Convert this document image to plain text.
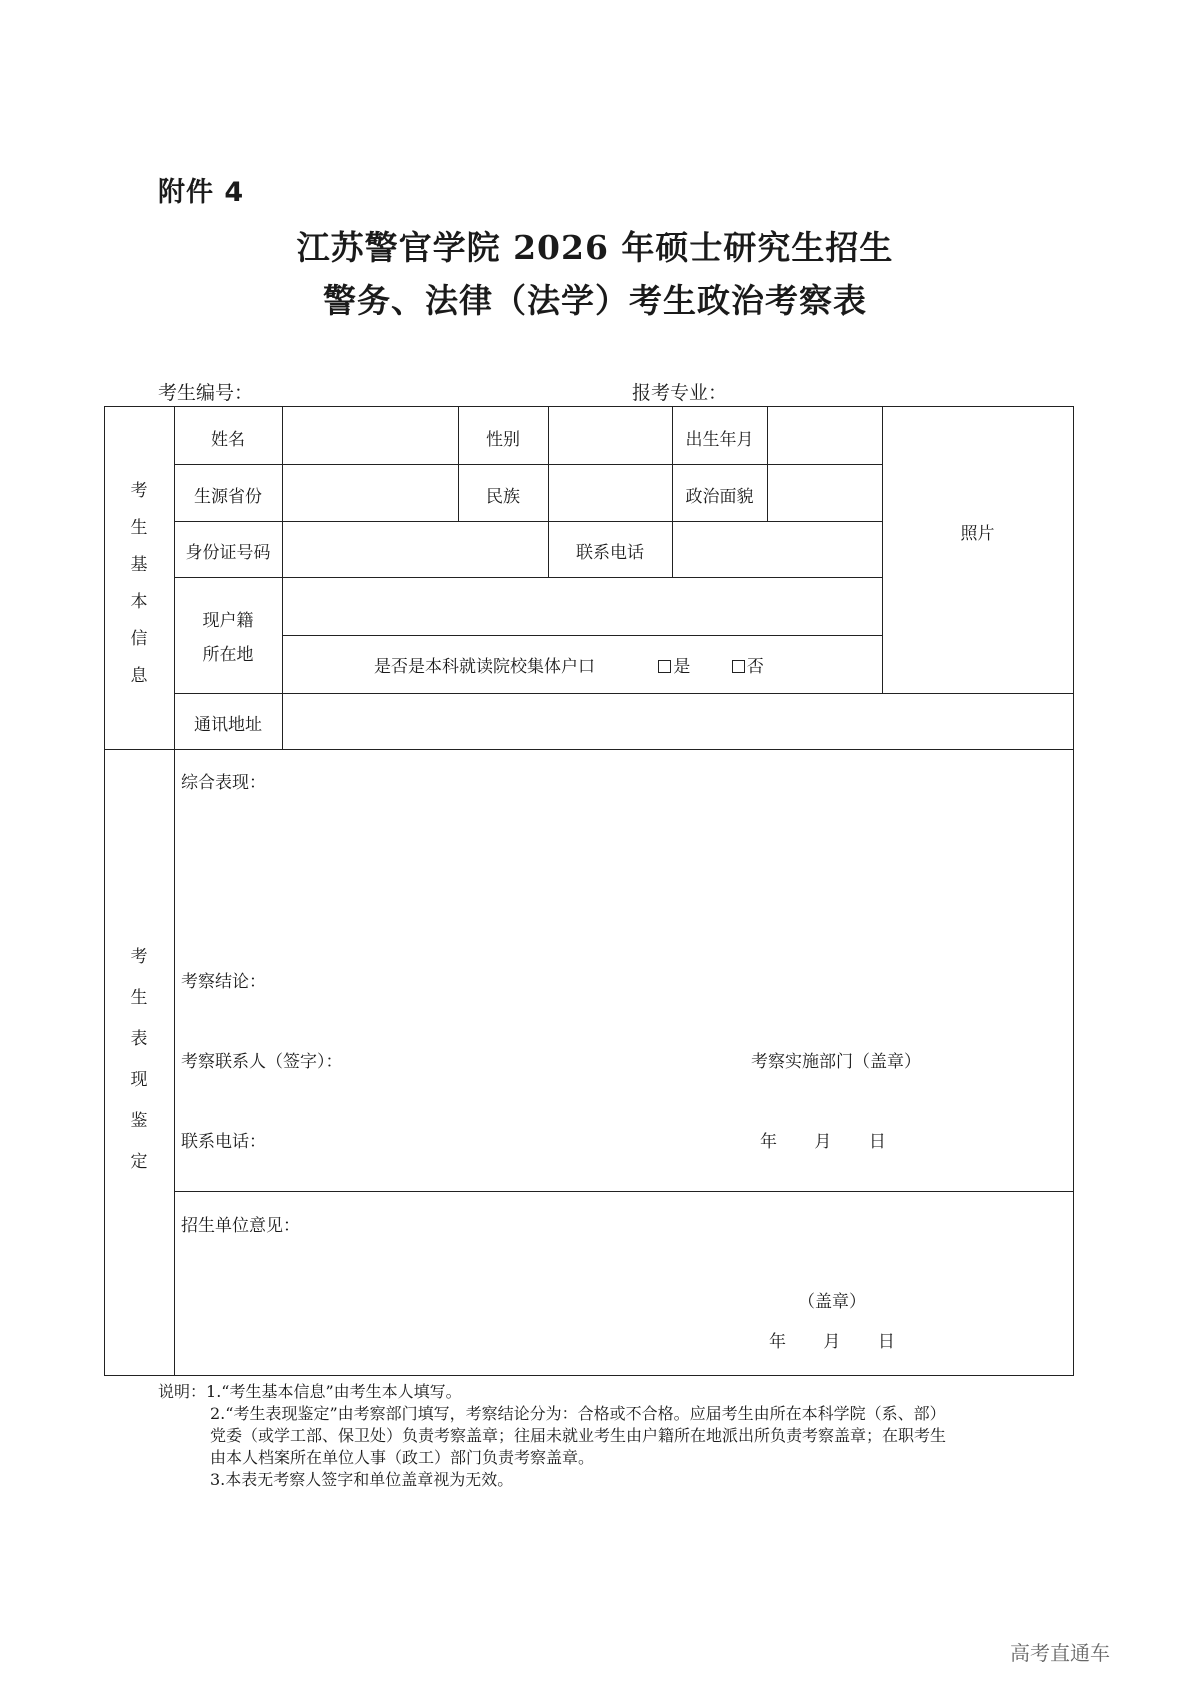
附件 4
江苏警官学院 2026 年硕士研究生招生
警务、法律（法学）考生政治考察表
考生编号：	报考专业：
考
生
基
本
信
息
姓名	性别	出生年月
生源省份	民族	政治面貌
身份证号码	联系电话
照片
现户籍
所在地
是否是本科就读院校集体户口	是	否
通讯地址
考
生
表
现
鉴
定
综合表现：
考察结论：
考察联系人（签字）：	考察实施部门（盖章）
联系电话：	年 月 日
招生单位意见：
（盖章）
年 月 日
说明：1.“考生基本信息”由考生本人填写。
2.“考生表现鉴定”由考察部门填写，考察结论分为：合格或不合格。应届考生由所在本科学院（系、部）
党委（或学工部、保卫处）负责考察盖章；往届未就业考生由户籍所在地派出所负责考察盖章；在职考生
由本人档案所在单位人事（政工）部门负责考察盖章。
3.本表无考察人签字和单位盖章视为无效。
高考直通车
